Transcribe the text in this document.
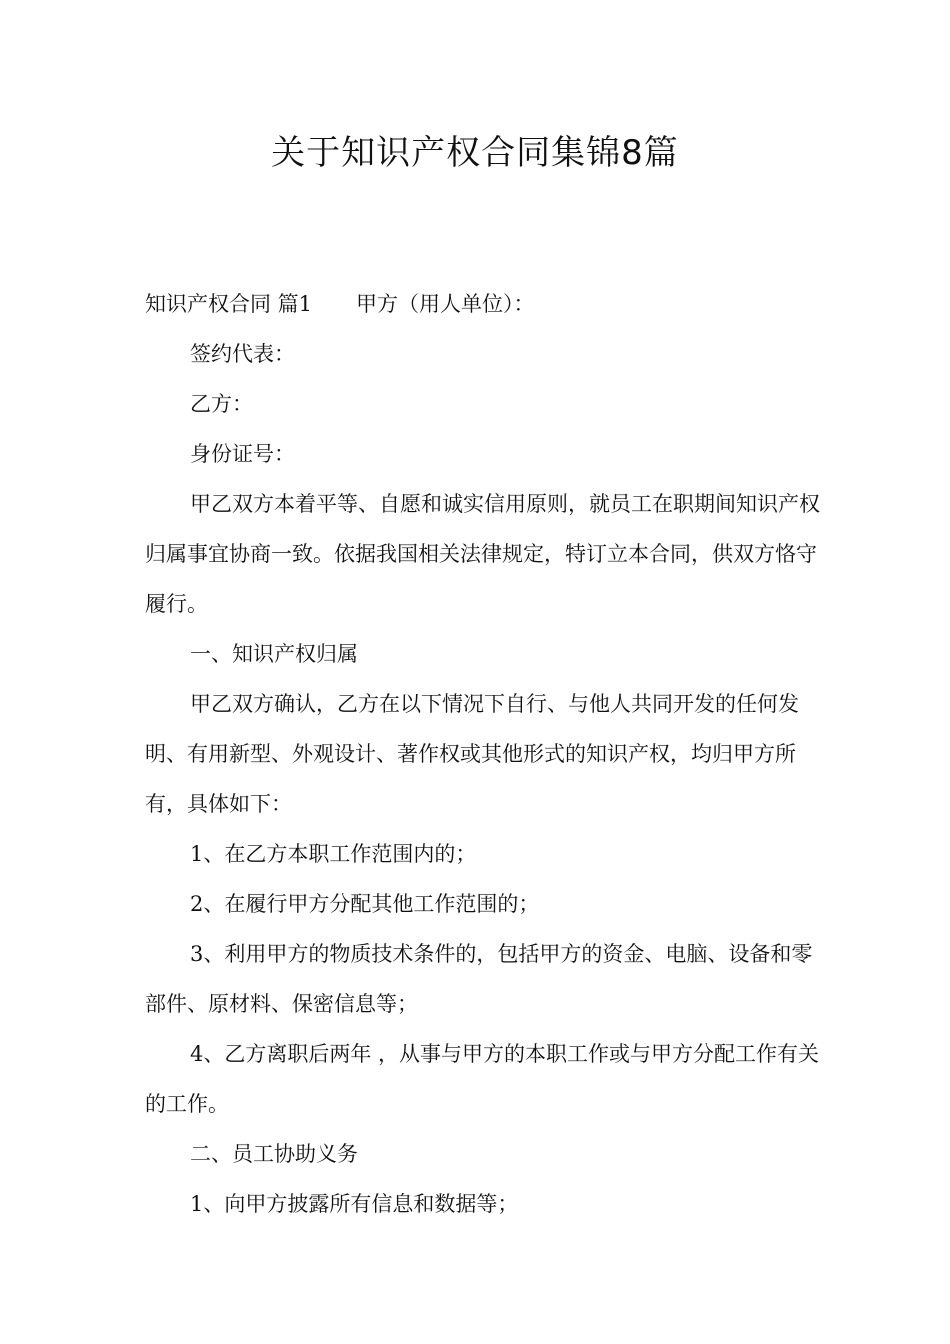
关于知识产权合同集锦8篇

知识产权合同 篇1 甲方（用人单位）：

签约代表：

乙方：

身份证号：

甲乙双方本着平等、自愿和诚实信用原则，就员工在职期间知识产权归属事宜协商一致。依据我国相关法律规定，特订立本合同，供双方恪守履行。

一、知识产权归属

甲乙双方确认，乙方在以下情况下自行、与他人共同开发的任何发明、有用新型、外观设计、著作权或其他形式的知识产权，均归甲方所有，具体如下：

1、在乙方本职工作范围内的；

2、在履行甲方分配其他工作范围的；

3、利用甲方的物质技术条件的，包括甲方的资金、电脑、设备和零部件、原材料、保密信息等；

4、乙方离职后两年 ，从事与甲方的本职工作或与甲方分配工作有关的工作。

二、员工协助义务

1、向甲方披露所有信息和数据等；
